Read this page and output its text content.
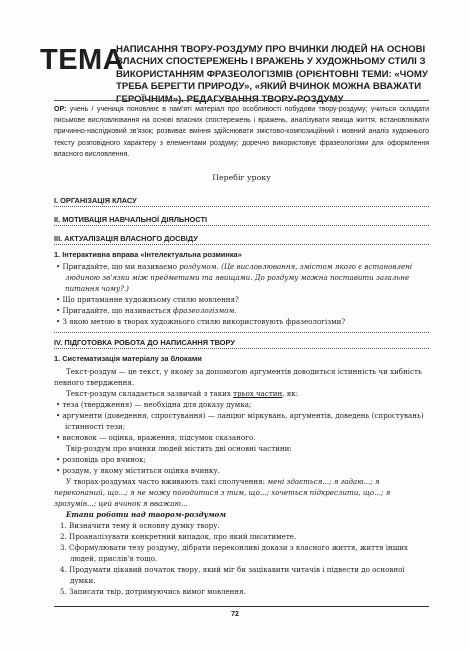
ТЕМА
НАПИСАННЯ ТВОРУ-РОЗДУМУ ПРО ВЧИНКИ ЛЮДЕЙ НА ОСНОВІ ВЛАСНИХ СПОСТЕРЕЖЕНЬ І ВРАЖЕНЬ У ХУДОЖНЬОМУ СТИЛІ З ВИКОРИСТАННЯМ ФРАЗЕОЛОГІЗМІВ (ОРІЄНТОВНІ ТЕМИ: «ЧОМУ ТРЕБА БЕРЕГТИ ПРИРОДУ», «ЯКИЙ ВЧИНОК МОЖНА ВВАЖАТИ ГЕРОЇЧНИМ»). РЕДАГУВАННЯ ТВОРУ-РОЗДУМУ
ОР: учень / учениця поновлює в пам'яті матеріал про особливості побудови твору-роздуму; учиться складати письмове висловлювання на основі власних спостережень і вражень, аналізувати явища життя, встановлювати причинно-наслідковий зв'язок; розвиває вміння здійснювати змістово-композиційний і мовний аналіз художнього тексту розповідного характеру з елементами роздуму; доречно використовує фразеологізми для оформлення власного висловлення.
Перебіг уроку
I. ОРГАНІЗАЦІЯ КЛАСУ
II. МОТИВАЦІЯ НАВЧАЛЬНОЇ ДІЯЛЬНОСТІ
III. АКТУАЛІЗАЦІЯ ВЛАСНОГО ДОСВІДУ
1. Інтерактивна вправа «Інтелектуальна розминка»

• Пригадайте, що ми називаємо роздумом. (Це висловлювання, змістом якого є встановлені людиною зв'язки між предметами та явищами. До роздуму можна поставити загальне питання чому?.)

• Що притаманне художньому стилю мовлення?

• Пригадайте, що називається фразеологізмом.

• З якою метою в творах художнього стилю використовують фразеологізми?

IV. ПІДГОТОВКА РОБОТА ДО НАПИСАННЯ ТВОРУ
1. Систематизація матеріалу за блоками

Текст-роздум — це текст, у якому за допомогою аргументів доводиться істинність чи хибність певного твердження.

Текст-роздум складається зазвичай з таких трьох частин, як:

• теза (твердження) — необхідна для доказу думка;

• аргументи (доведення, спростування) — ланцюг міркувань, аргументів, доведень (спростувань) істинності тези;

• висновок — оцінка, враження, підсумок сказаного.

Твір-роздум про вчинки людей містить дві основні частини:

• розповідь про вчинок;

• роздум, у якому міститься оцінка вчинку.

У творах-роздумах часто вживають такі сполучення: мені здається...; я гадаю...; я переконаний, що...; я не можу погодитися з тим, що...; хочеться підкреслити, що...; я зрозумів...; цей вчинок я вважаю...

Етапи роботи над твором-роздумом

1. Визначити тему й основну думку твору.

2. Проаналізувати конкретний випадок, про який писатимете.

3. Сформулювати тезу роздуму, дібрати переконливі докази з власного життя, життя інших людей, прислів'я тощо.

4. Продумати цікавий початок твору, який міг би зацікавити читачів і підвести до основної думки.

5. Записати твір, дотримуючись вимог мовлення.

72
